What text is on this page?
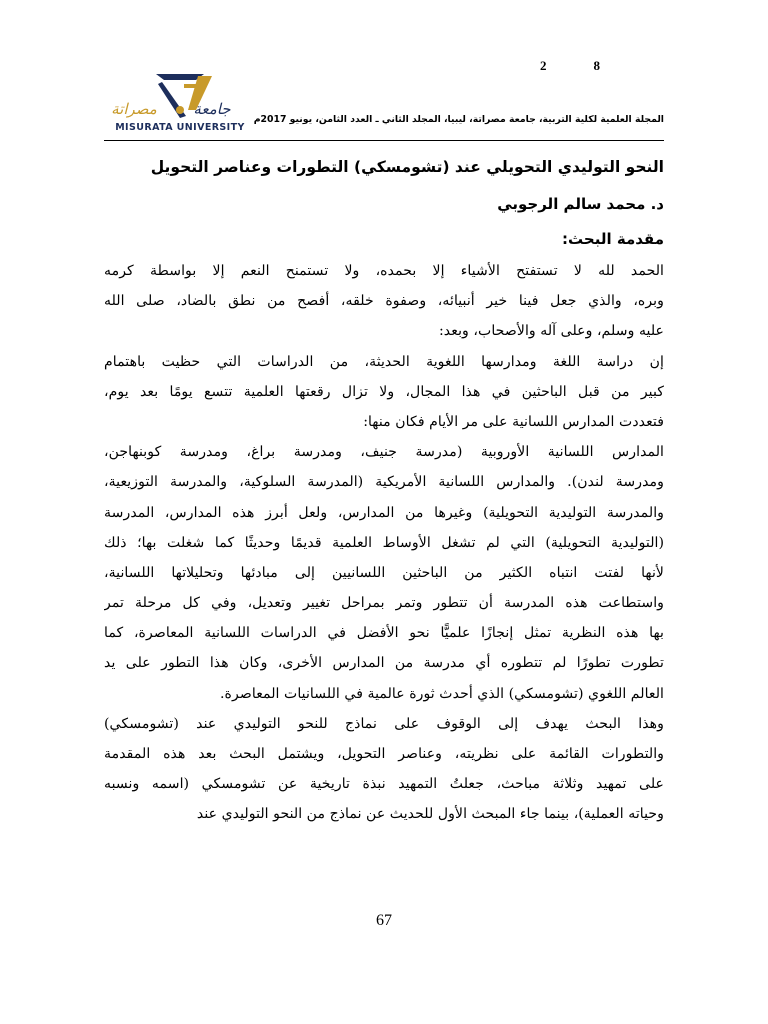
2	8
جامعة
مصراتة
MISURATA UNIVERSITY
المجلة العلمية لكلية التربية، جامعة مصراتة، ليبيا، المجلد الثاني ـ العدد الثامن، يونيو 2017م
النحو التوليدي التحويلي عند (تشومسكي) التطورات وعناصر التحويل

د. محمد سالم الرجوبي

مقدمة البحث:
الحمد لله لا تستفتح الأشياء إلا بحمده، ولا تستمنح النعم إلا بواسطة كرمه
وبره، والذي جعل فينا خير أنبيائه، وصفوة خلقه، أفصح من نطق بالضاد، صلى الله
عليه وسلم، وعلى آله والأصحاب، وبعد:
إن دراسة اللغة ومدارسها اللغوية الحديثة، من الدراسات التي حظيت باهتمام
كبير من قبل الباحثين في هذا المجال، ولا تزال رقعتها العلمية تتسع يومًا بعد يوم،
فتعددت المدارس اللسانية على مر الأيام فكان منها:
المدارس اللسانية الأوروبية (مدرسة جنيف، ومدرسة براغ، ومدرسة كوبنهاجن،
ومدرسة لندن). والمدارس اللسانية الأمريكية (المدرسة السلوكية، والمدرسة التوزيعية،
والمدرسة التوليدية التحويلية) وغيرها من المدارس، ولعل أبرز هذه المدارس، المدرسة
(التوليدية التحويلية) التي لم تشغل الأوساط العلمية قديمًا وحديثًا كما شغلت بها؛ ذلك
لأنها لفتت انتباه الكثير من الباحثين اللسانيين إلى مبادئها وتحليلاتها اللسانية،
واستطاعت هذه المدرسة أن تتطور وتمر بمراحل تغيير وتعديل، وفي كل مرحلة تمر
بها هذه النظرية تمثل إنجازًا علميًّا نحو الأفضل في الدراسات اللسانية المعاصرة، كما
تطورت تطورًا لم تتطوره أي مدرسة من المدارس الأخرى، وكان هذا التطور على يد
العالم اللغوي (تشومسكي) الذي أحدث ثورة عالمية في اللسانيات المعاصرة.
وهذا البحث يهدف إلى الوقوف على نماذج للنحو التوليدي عند (تشومسكي)
والتطورات القائمة على نظريته، وعناصر التحويل، ويشتمل البحث بعد هذه المقدمة
على تمهيد وثلاثة مباحث، جعلتُ التمهيد نبذة تاريخية عن تشومسكي (اسمه ونسبه
وحياته العملية)، بينما جاء المبحث الأول للحديث عن نماذج من النحو التوليدي عند
67
